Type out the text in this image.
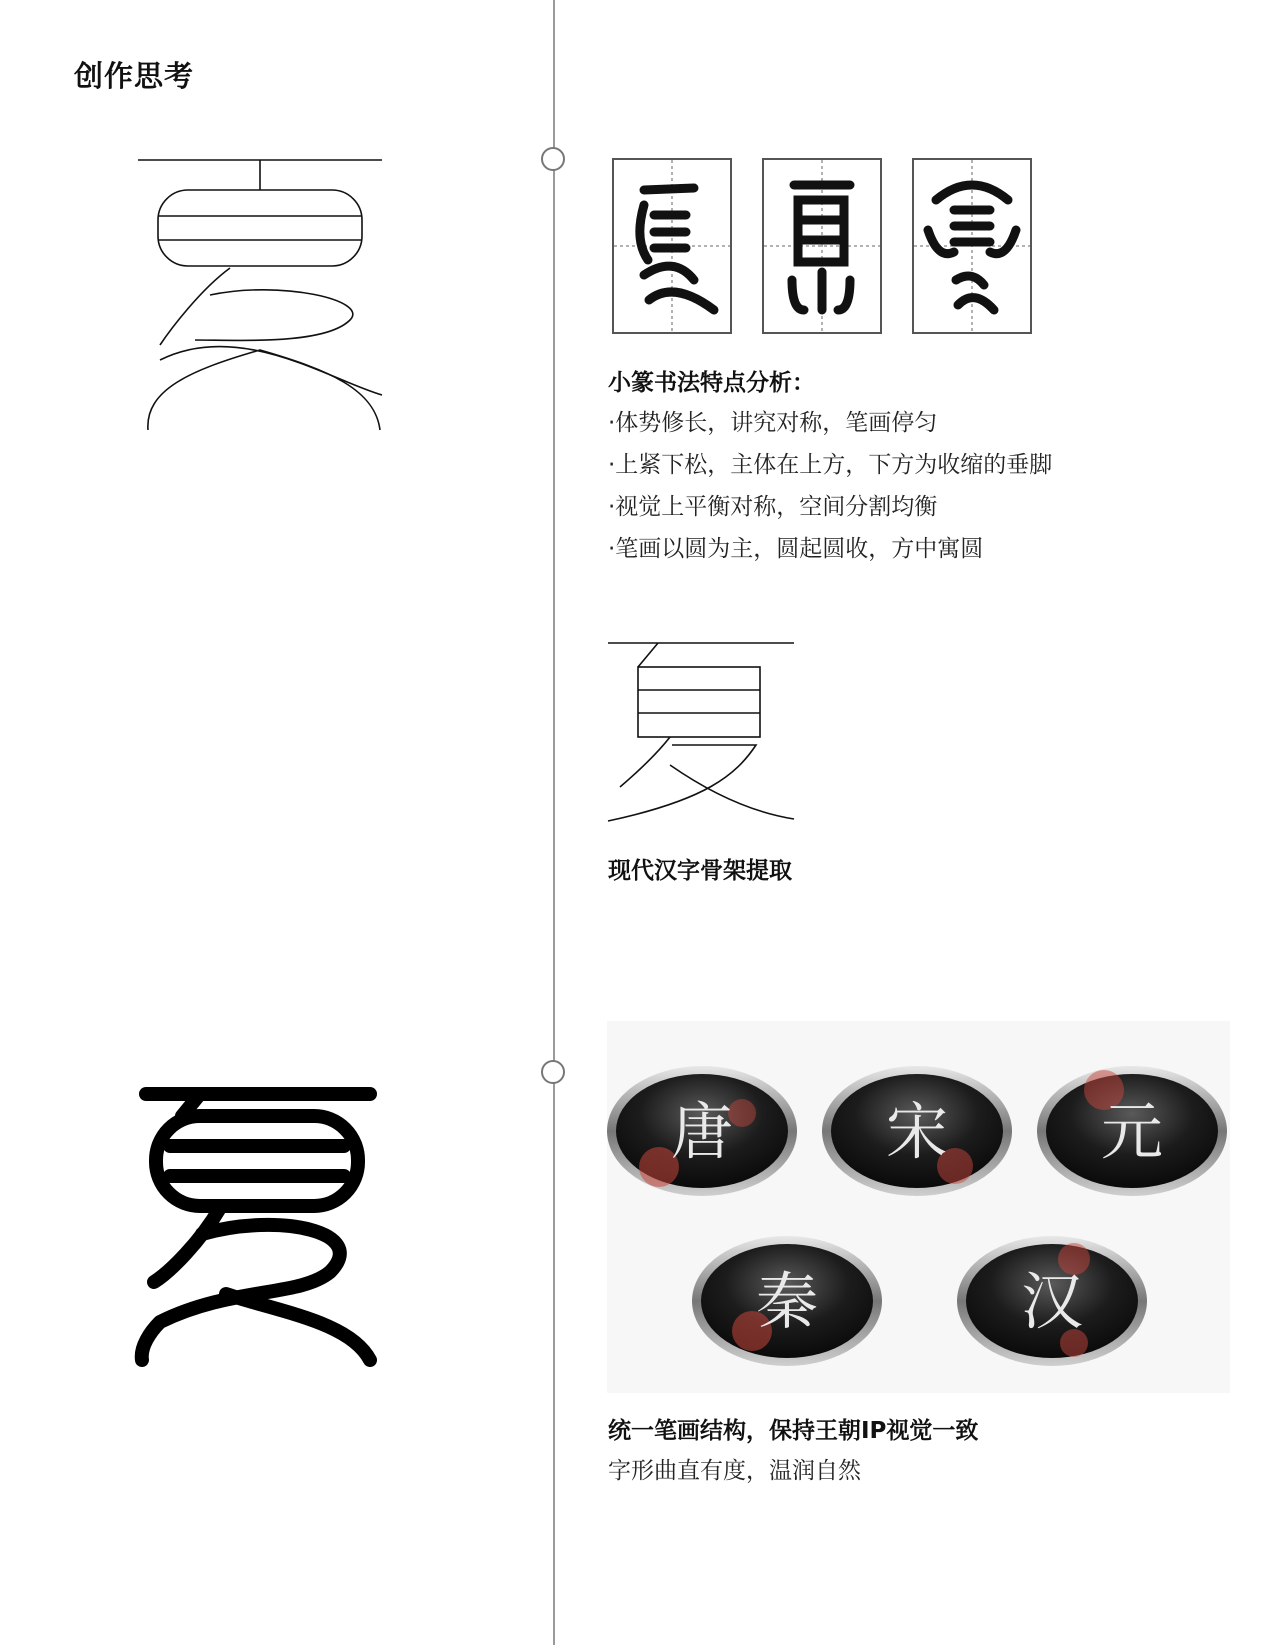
创作思考
小篆书法特点分析：
·体势修长，讲究对称，笔画停匀
·上紧下松，主体在上方，下方为收缩的垂脚
·视觉上平衡对称，空间分割均衡
·笔画以圆为主，圆起圆收，方中寓圆
现代汉字骨架提取
唐 宋 元
秦	汉
统一笔画结构，保持王朝IP视觉一致
字形曲直有度，温润自然
